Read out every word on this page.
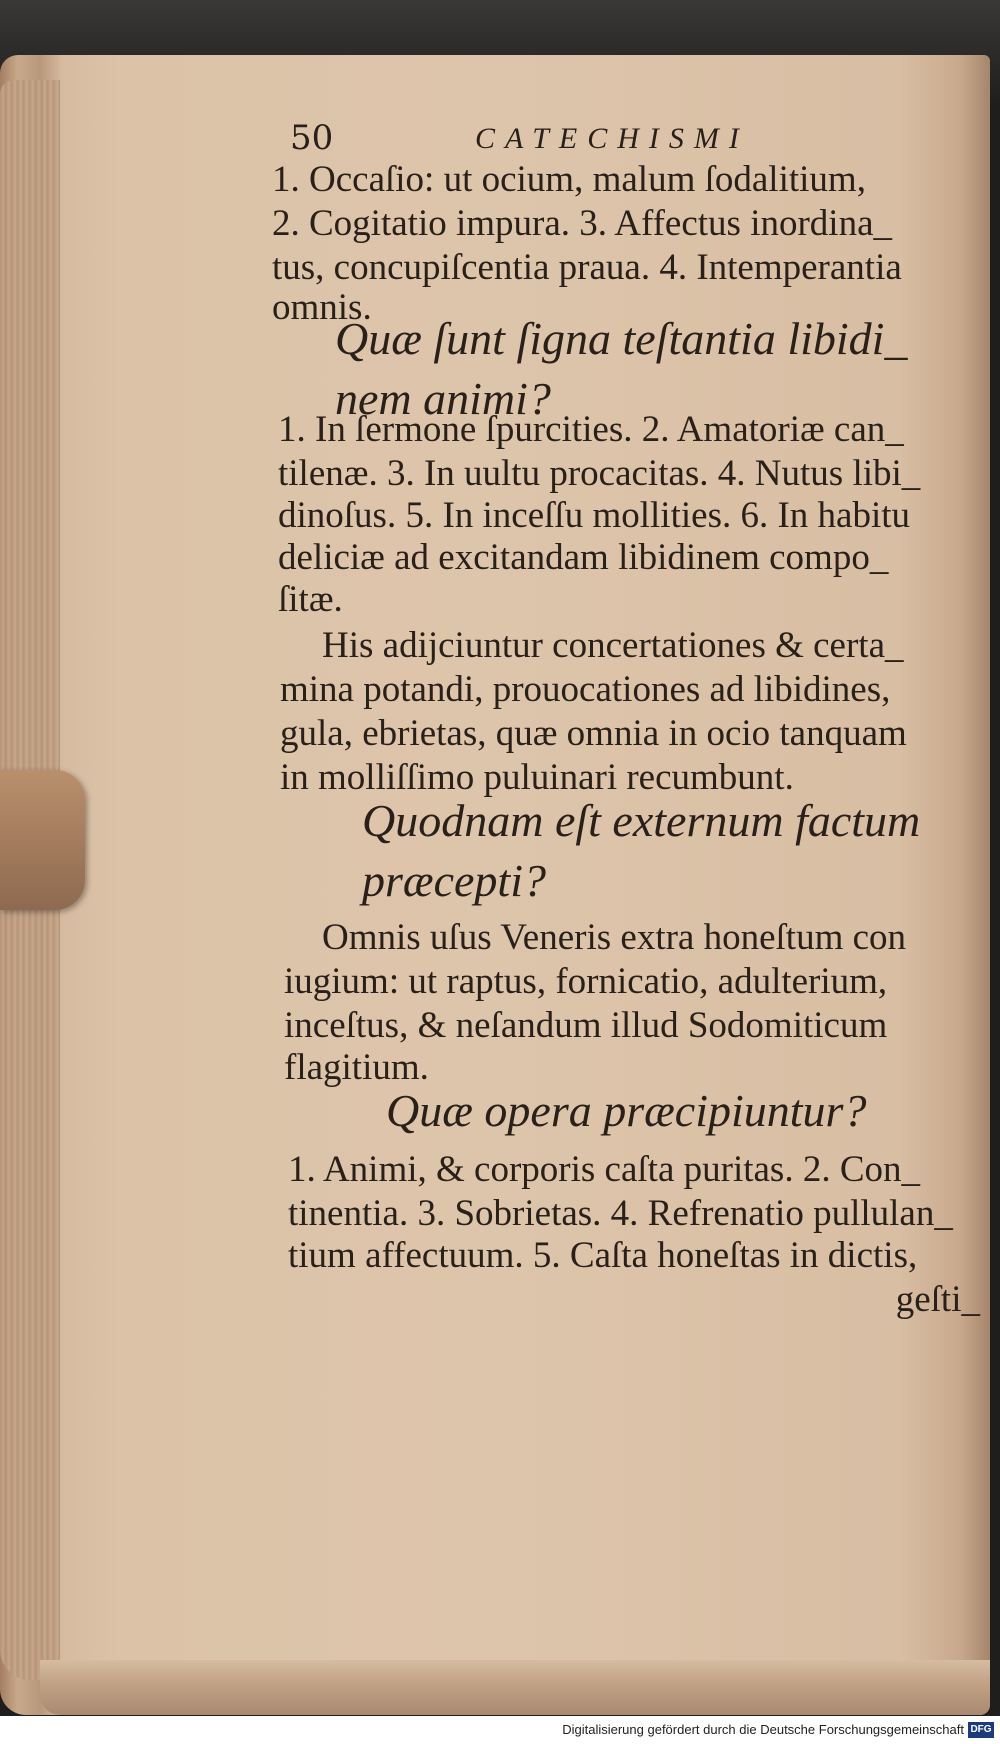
50	CATECHISMI
1. Occaſio: ut ocium, malum ſodalitium,
2. Cogitatio impura. 3. Affectus inordina_
tus, concupiſcentia praua. 4. Intemperantia
omnis.
Quæ ſunt ſigna teſtantia libidi_
nem animi?
1. In ſermone ſpurcities. 2. Amatoriæ can_
tilenæ. 3. In uultu procacitas. 4. Nutus libi_
dinoſus. 5. In inceſſu mollities. 6. In habitu
deliciæ ad excitandam libidinem compo_
ſitæ.
His adijciuntur concertationes & certa_
mina potandi, prouocationes ad libidines,
gula, ebrietas, quæ omnia in ocio tanquam
in molliſſimo puluinari recumbunt.
Quodnam eſt externum factum
præcepti?
Omnis uſus Veneris extra honeſtum con
iugium: ut raptus, fornicatio, adulterium,
inceſtus, & neſandum illud Sodomiticum
flagitium.
Quæ opera præcipiuntur?
1. Animi, & corporis caſta puritas. 2. Con_
tinentia. 3. Sobrietas. 4. Refrenatio pullulan_
tium affectuum. 5. Caſta honeſtas in dictis,
geſti_
Digitalisierung gefördert durch die Deutsche Forschungsgemeinschaft DFG
